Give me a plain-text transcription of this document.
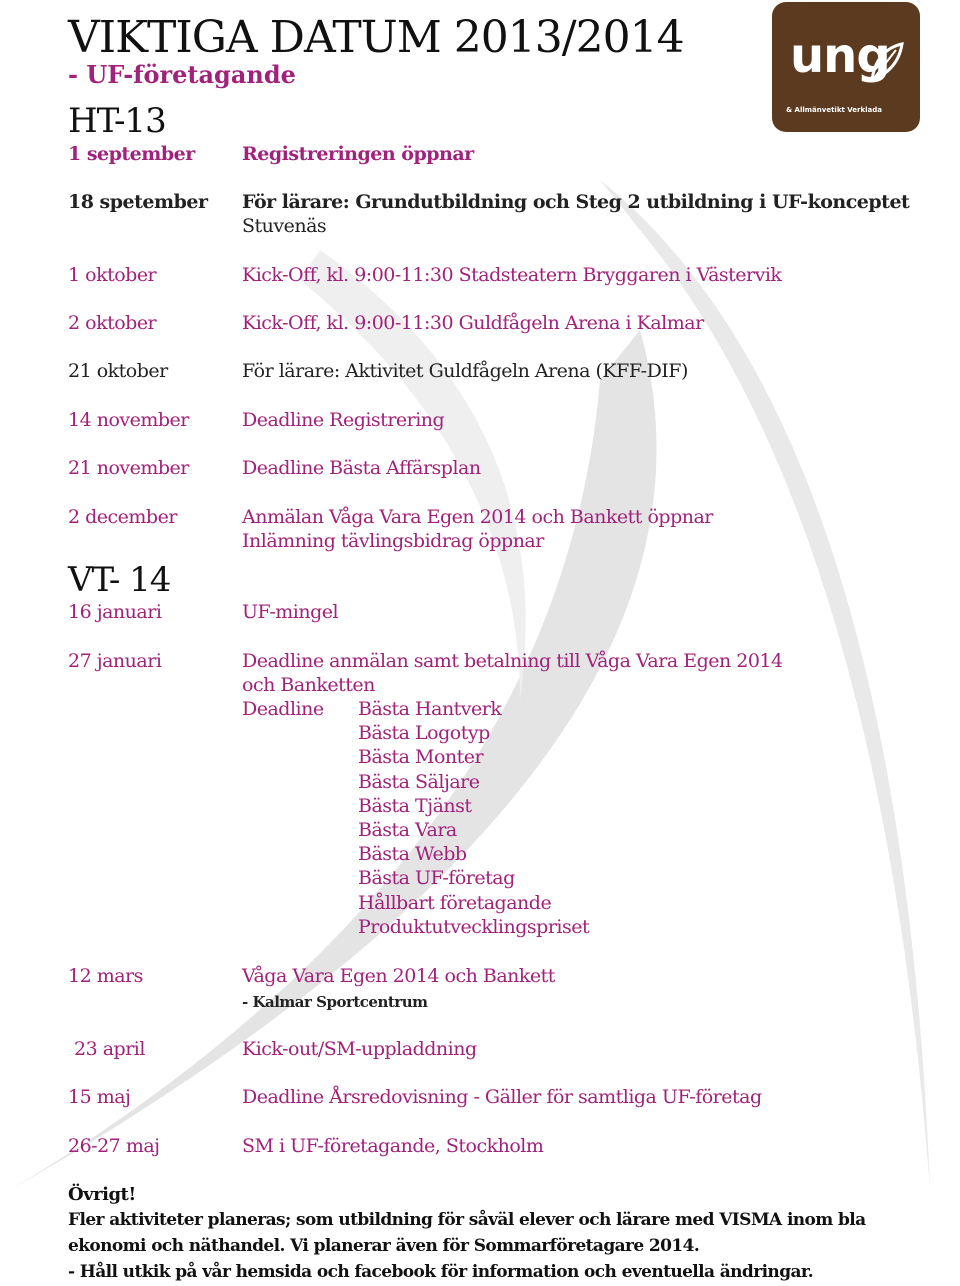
VIKTIGA DATUM 2013/2014
- UF-företagande	ung
& Allmänvetikt Verklada
HT-13
1 september Registreringen öppnar
18 spetember För lärare: Grundutbildning och Steg 2 utbildning i UF-konceptet
Stuvenäs
1 oktober	Kick-Off, kl. 9:00-11:30 Stadsteatern Bryggaren i Västervik
2 oktober	Kick-Off, kl. 9:00-11:30 Guldfågeln Arena i Kalmar
21 oktober	För lärare: Aktivitet Guldfågeln Arena (KFF-DIF)
14 november	Deadline Registrering
21 november	Deadline Bästa Affärsplan
2 december	Anmälan Våga Vara Egen 2014 och Bankett öppnar
Inlämning tävlingsbidrag öppnar
VT- 14
16 januari	UF-mingel
27 januari	Deadline anmälan samt betalning till Våga Vara Egen 2014
och Banketten
Deadline Bästa Hantverk
Bästa Logotyp
Bästa Monter
Bästa Säljare
Bästa Tjänst
Bästa Vara
Bästa Webb
Bästa UF-företag
Hållbart företagande
Produktutvecklingspriset
12 mars	Våga Vara Egen 2014 och Bankett
- Kalmar Sportcentrum
23 april	Kick-out/SM-uppladdning
15 maj	Deadline Årsredovisning - Gäller för samtliga UF-företag
26-27 maj	SM i UF-företagande, Stockholm
Övrigt!
Fler aktiviteter planeras; som utbildning för såväl elever och lärare med VISMA inom bla
ekonomi och näthandel. Vi planerar även för Sommarföretagare 2014.
- Håll utkik på vår hemsida och facebook för information och eventuella ändringar.
